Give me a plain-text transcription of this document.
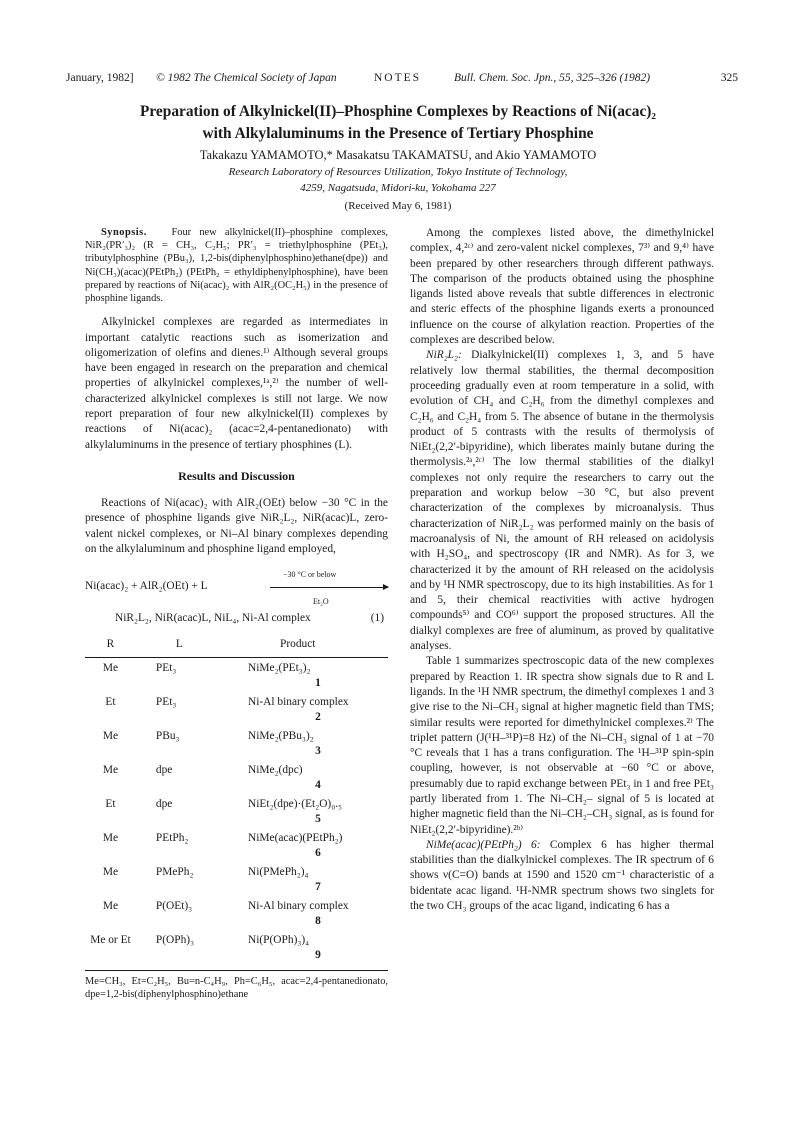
January, 1982] © 1982 The Chemical Society of Japan	NOTES	Bull. Chem. Soc. Jpn., 55, 325–326 (1982)	325
Preparation of Alkylnickel(II)–Phosphine Complexes by Reactions of Ni(acac)₂
with Alkylaluminums in the Presence of Tertiary Phosphine
Takakazu YAMAMOTO,* Masakatsu TAKAMATSU, and Akio YAMAMOTO
Research Laboratory of Resources Utilization, Tokyo Institute of Technology,
4259, Nagatsuda, Midori-ku, Yokohama 227
(Received May 6, 1981)

Synopsis. Four new alkylnickel(II)–phosphine complexes, NiR₂(PR′₃)₂ (R = CH₃, C₂H₅; PR′₃ = triethylphosphine (PEt₃), tributylphosphine (PBu₃), 1,2-bis(diphenylphosphino)ethane(dpe)) and Ni(CH₃)(acac)(PEtPh₂) (PEtPh₂ = ethyldiphenylphosphine), have been prepared by reactions of Ni(acac)₂ with AlR₂(OC₂H₅) in the presence of phosphine ligands.

Alkylnickel complexes are regarded as intermediates in important catalytic reactions such as isomerization and oligomerization of olefins and dienes.¹⁾ Although several groups have been engaged in research on the preparation and chemical properties of alkylnickel complexes,¹ᵃ,²⁾ the number of well-characterized alkylnickel complexes is still not large. We now report preparation of four new alkylnickel(II) complexes by reactions of Ni(acac)₂ (acac=2,4-pentanedionato) with alkylaluminums in the presence of tertiary phosphines (L).

Results and Discussion

Reactions of Ni(acac)₂ with AlR₂(OEt) below −30 °C in the presence of phosphine ligands give NiR₂L₂, NiR(acac)L, zero-valent nickel complexes, or Ni–Al binary complexes depending on the alkylaluminum and phosphine ligand employed,

Ni(acac)₂ + AlR₂(OEt) + L
−30 °C or below
Et₂O
NiR₂L₂, NiR(acac)L, NiL₄, Ni-Al complex	(1)
R	L	Product
Me	PEt₃	NiMe₂(PEt₃)₂
1

Et	PEt₃	Ni-Al binary complex
2

Me	PBu₃	NiMe₂(PBu₃)₂
3

Me	dpe	NiMe₂(dpc)
4

Et	dpe	NiEt₂(dpe)·(Et₂O)₀.₅
5

Me	PEtPh₂	NiMe(acac)(PEtPh₂)
6

Me	PMePh₂	Ni(PMePh₂)₄
7

Me	P(OEt)₃	Ni-Al binary complex
8

Me or Et	P(OPh)₃	Ni(P(OPh)₃)₄
9
Me=CH₃, Et=C₂H₅, Bu=n-C₄H₉, Ph=C₆H₅, acac=2,4-pentanedionato, dpe=1,2-bis(diphenylphosphino)ethane

Among the complexes listed above, the dimethylnickel complex, 4,²ᶜ⁾ and zero-valent nickel complexes, 7³⁾ and 9,⁴⁾ have been prepared by other researchers through different pathways. The comparison of the products obtained using the phosphine ligands listed above reveals that subtle differences in electronic and steric effects of the phosphine ligands exerts a pronounced influence on the course of alkylation reaction. Properties of the complexes are described below.

NiR₂L₂: Dialkylnickel(II) complexes 1, 3, and 5 have relatively low thermal stabilities, the thermal decomposition proceeding gradually even at room temperature in a solid, with evolution of CH₄ and C₂H₆ from the dimethyl complexes and C₂H₆ and C₂H₄ from 5. The absence of butane in the thermolysis product of 5 contrasts with the results of thermolysis of NiEt₂(2,2′-bipyridine), which liberates mainly butane during the thermolysis.²ᵃ,²ᶜ⁾ The low thermal stabilities of the dialkyl complexes not only require the researchers to carry out the preparation and workup below −30 °C, but also prevent characterization of the complexes by microanalysis. Thus characterization of NiR₂L₂ was performed mainly on the basis of macroanalysis of Ni, the amount of RH released on acidolysis with H₂SO₄, and spectroscopy (IR and NMR). As for 3, we characterized it by the amount of RH released on the acidolysis and by ¹H NMR spectroscopy, due to its high instabilities. As for 1 and 5, their chemical reactivities with active hydrogen compounds⁵⁾ and CO⁶⁾ support the proposed structures. All the dialkyl complexes are free of aluminum, as proved by qualitative analyses.

Table 1 summarizes spectroscopic data of the new complexes prepared by Reaction 1. IR spectra show signals due to R and L ligands. In the ¹H NMR spectrum, the dimethyl complexes 1 and 3 give rise to the Ni–CH₃ signal at higher magnetic field than TMS; similar results were reported for dimethylnickel complexes.²⁾ The triplet pattern (J(¹H–³¹P)=8 Hz) of the Ni–CH₃ signal of 1 at −70 °C reveals that 1 has a trans configuration. The ¹H–³¹P spin-spin coupling, however, is not observable at −60 °C or above, presumably due to rapid exchange between PEt₃ in 1 and free PEt₃ partly liberated from 1. The Ni–CH₂– signal of 5 is located at higher magnetic field than the Ni–CH₂–CH₃ signal, as is found for NiEt₂(2,2′-bipyridine).²ᵇ⁾

NiMe(acac)(PEtPh₂) 6: Complex 6 has higher thermal stabilities than the dialkylnickel complexes. The IR spectrum of 6 shows ν(C=O) bands at 1590 and 1520 cm⁻¹ characteristic of a bidentate acac ligand. ¹H-NMR spectrum shows two singlets for the two CH₃ groups of the acac ligand, indicating 6 has a
